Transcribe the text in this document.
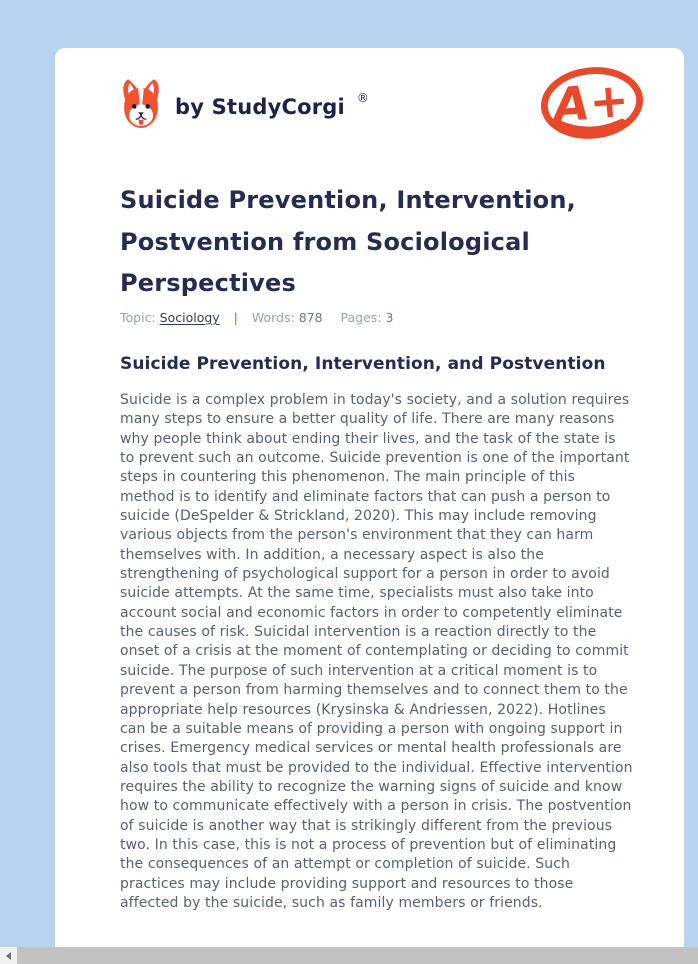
by StudyCorgi ®	A+
Suicide Prevention, Intervention, Postvention from Sociological Perspectives
Topic: Sociology | Words: 878 Pages: 3
Suicide Prevention, Intervention, and Postvention

Suicide is a complex problem in today's society, and a solution requires many steps to ensure a better quality of life. There are many reasons why people think about ending their lives, and the task of the state is to prevent such an outcome. Suicide prevention is one of the important steps in countering this phenomenon. The main principle of this method is to identify and eliminate factors that can push a person to suicide (DeSpelder & Strickland, 2020). This may include removing various objects from the person's environment that they can harm themselves with. In addition, a necessary aspect is also the strengthening of psychological support for a person in order to avoid suicide attempts. At the same time, specialists must also take into account social and economic factors in order to competently eliminate the causes of risk. Suicidal intervention is a reaction directly to the onset of a crisis at the moment of contemplating or deciding to commit suicide. The purpose of such intervention at a critical moment is to prevent a person from harming themselves and to connect them to the appropriate help resources (Krysinska & Andriessen, 2022). Hotlines can be a suitable means of providing a person with ongoing support in crises. Emergency medical services or mental health professionals are also tools that must be provided to the individual. Effective intervention requires the ability to recognize the warning signs of suicide and know how to communicate effectively with a person in crisis. The postvention of suicide is another way that is strikingly different from the previous two. In this case, this is not a process of prevention but of eliminating the consequences of an attempt or completion of suicide. Such practices may include providing support and resources to those affected by the suicide, such as family members or friends.
